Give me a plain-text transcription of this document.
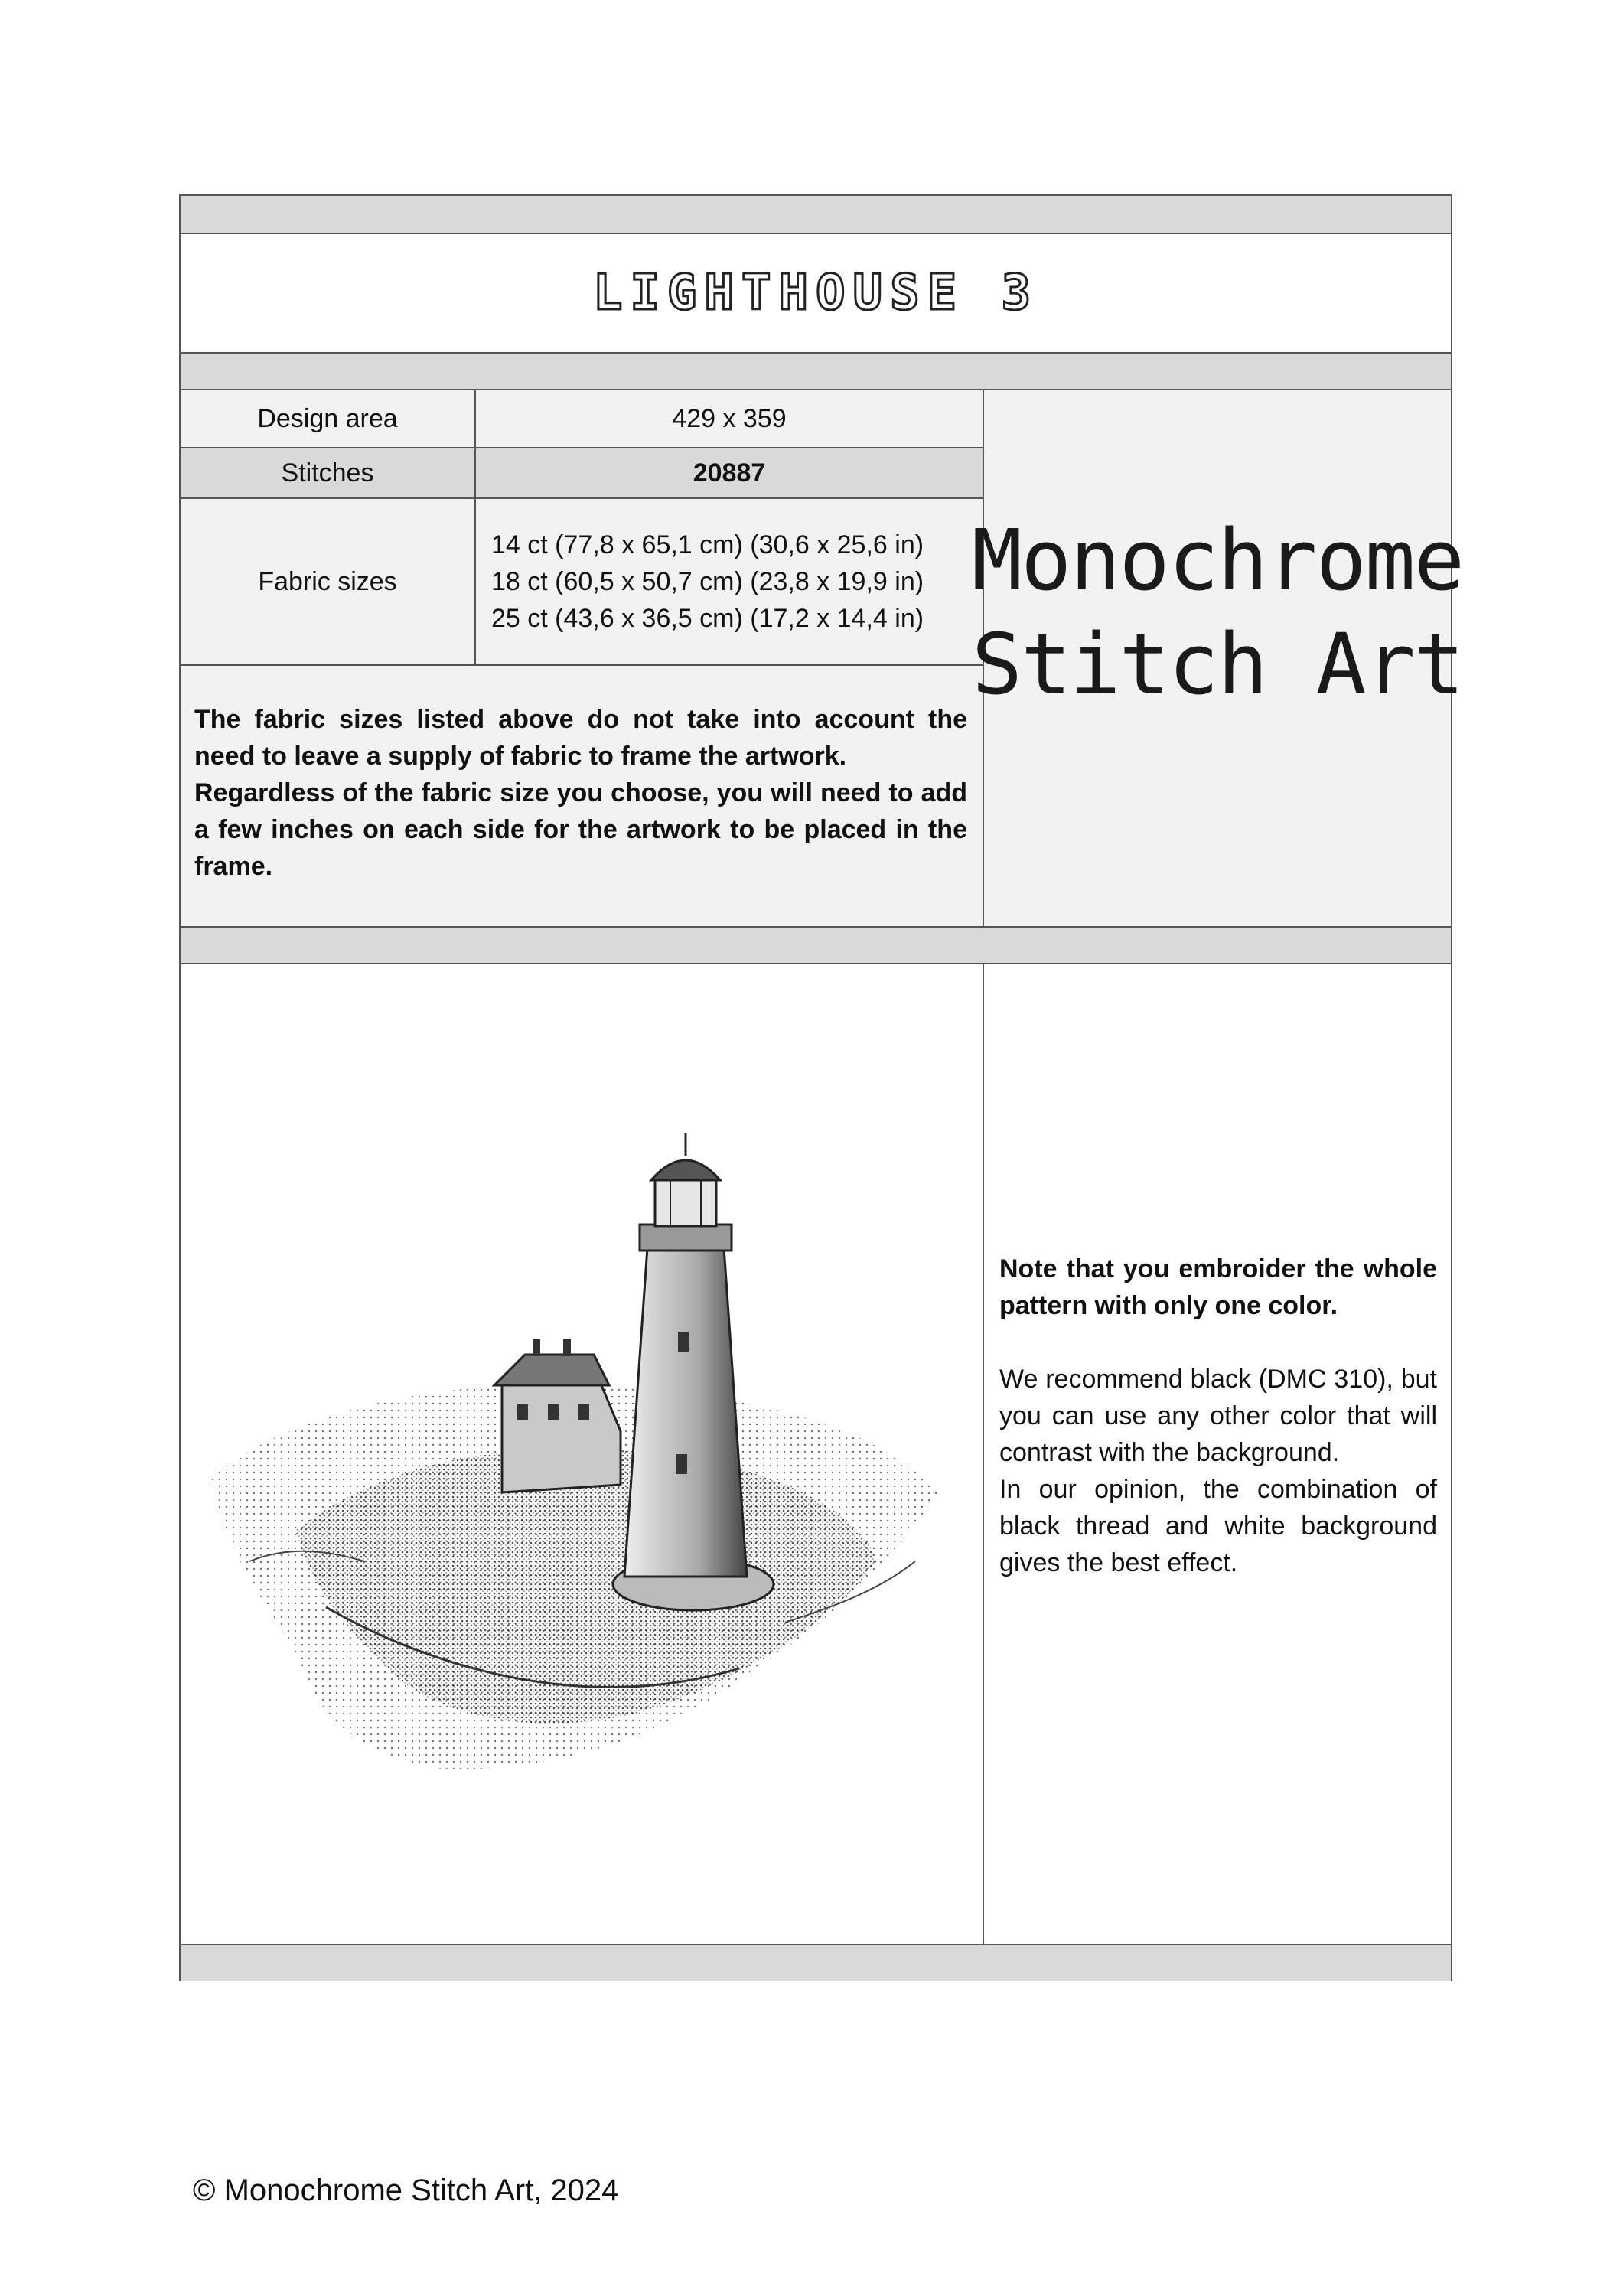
LIGHTHOUSE 3
Design area	429 x 359
Stitches	20887
Fabric sizes
14 ct (77,8 x 65,1 cm) (30,6 x 25,6 in)
18 ct (60,5 x 50,7 cm) (23,8 x 19,9 in)
25 ct (43,6 x 36,5 cm) (17,2 x 14,4 in)

The fabric sizes listed above do not take into account the need to leave a supply of fabric to frame the artwork.

Regardless of the fabric size you choose, you will need to add a few inches on each side for the artwork to be placed in the frame.

Monochrome
Stitch Art

Note that you embroider the whole pattern with only one color.

We recommend black (DMC 310), but you can use any other color that will contrast with the background.

In our opinion, the combination of black thread and white background gives the best effect.

© Monochrome Stitch Art, 2024
